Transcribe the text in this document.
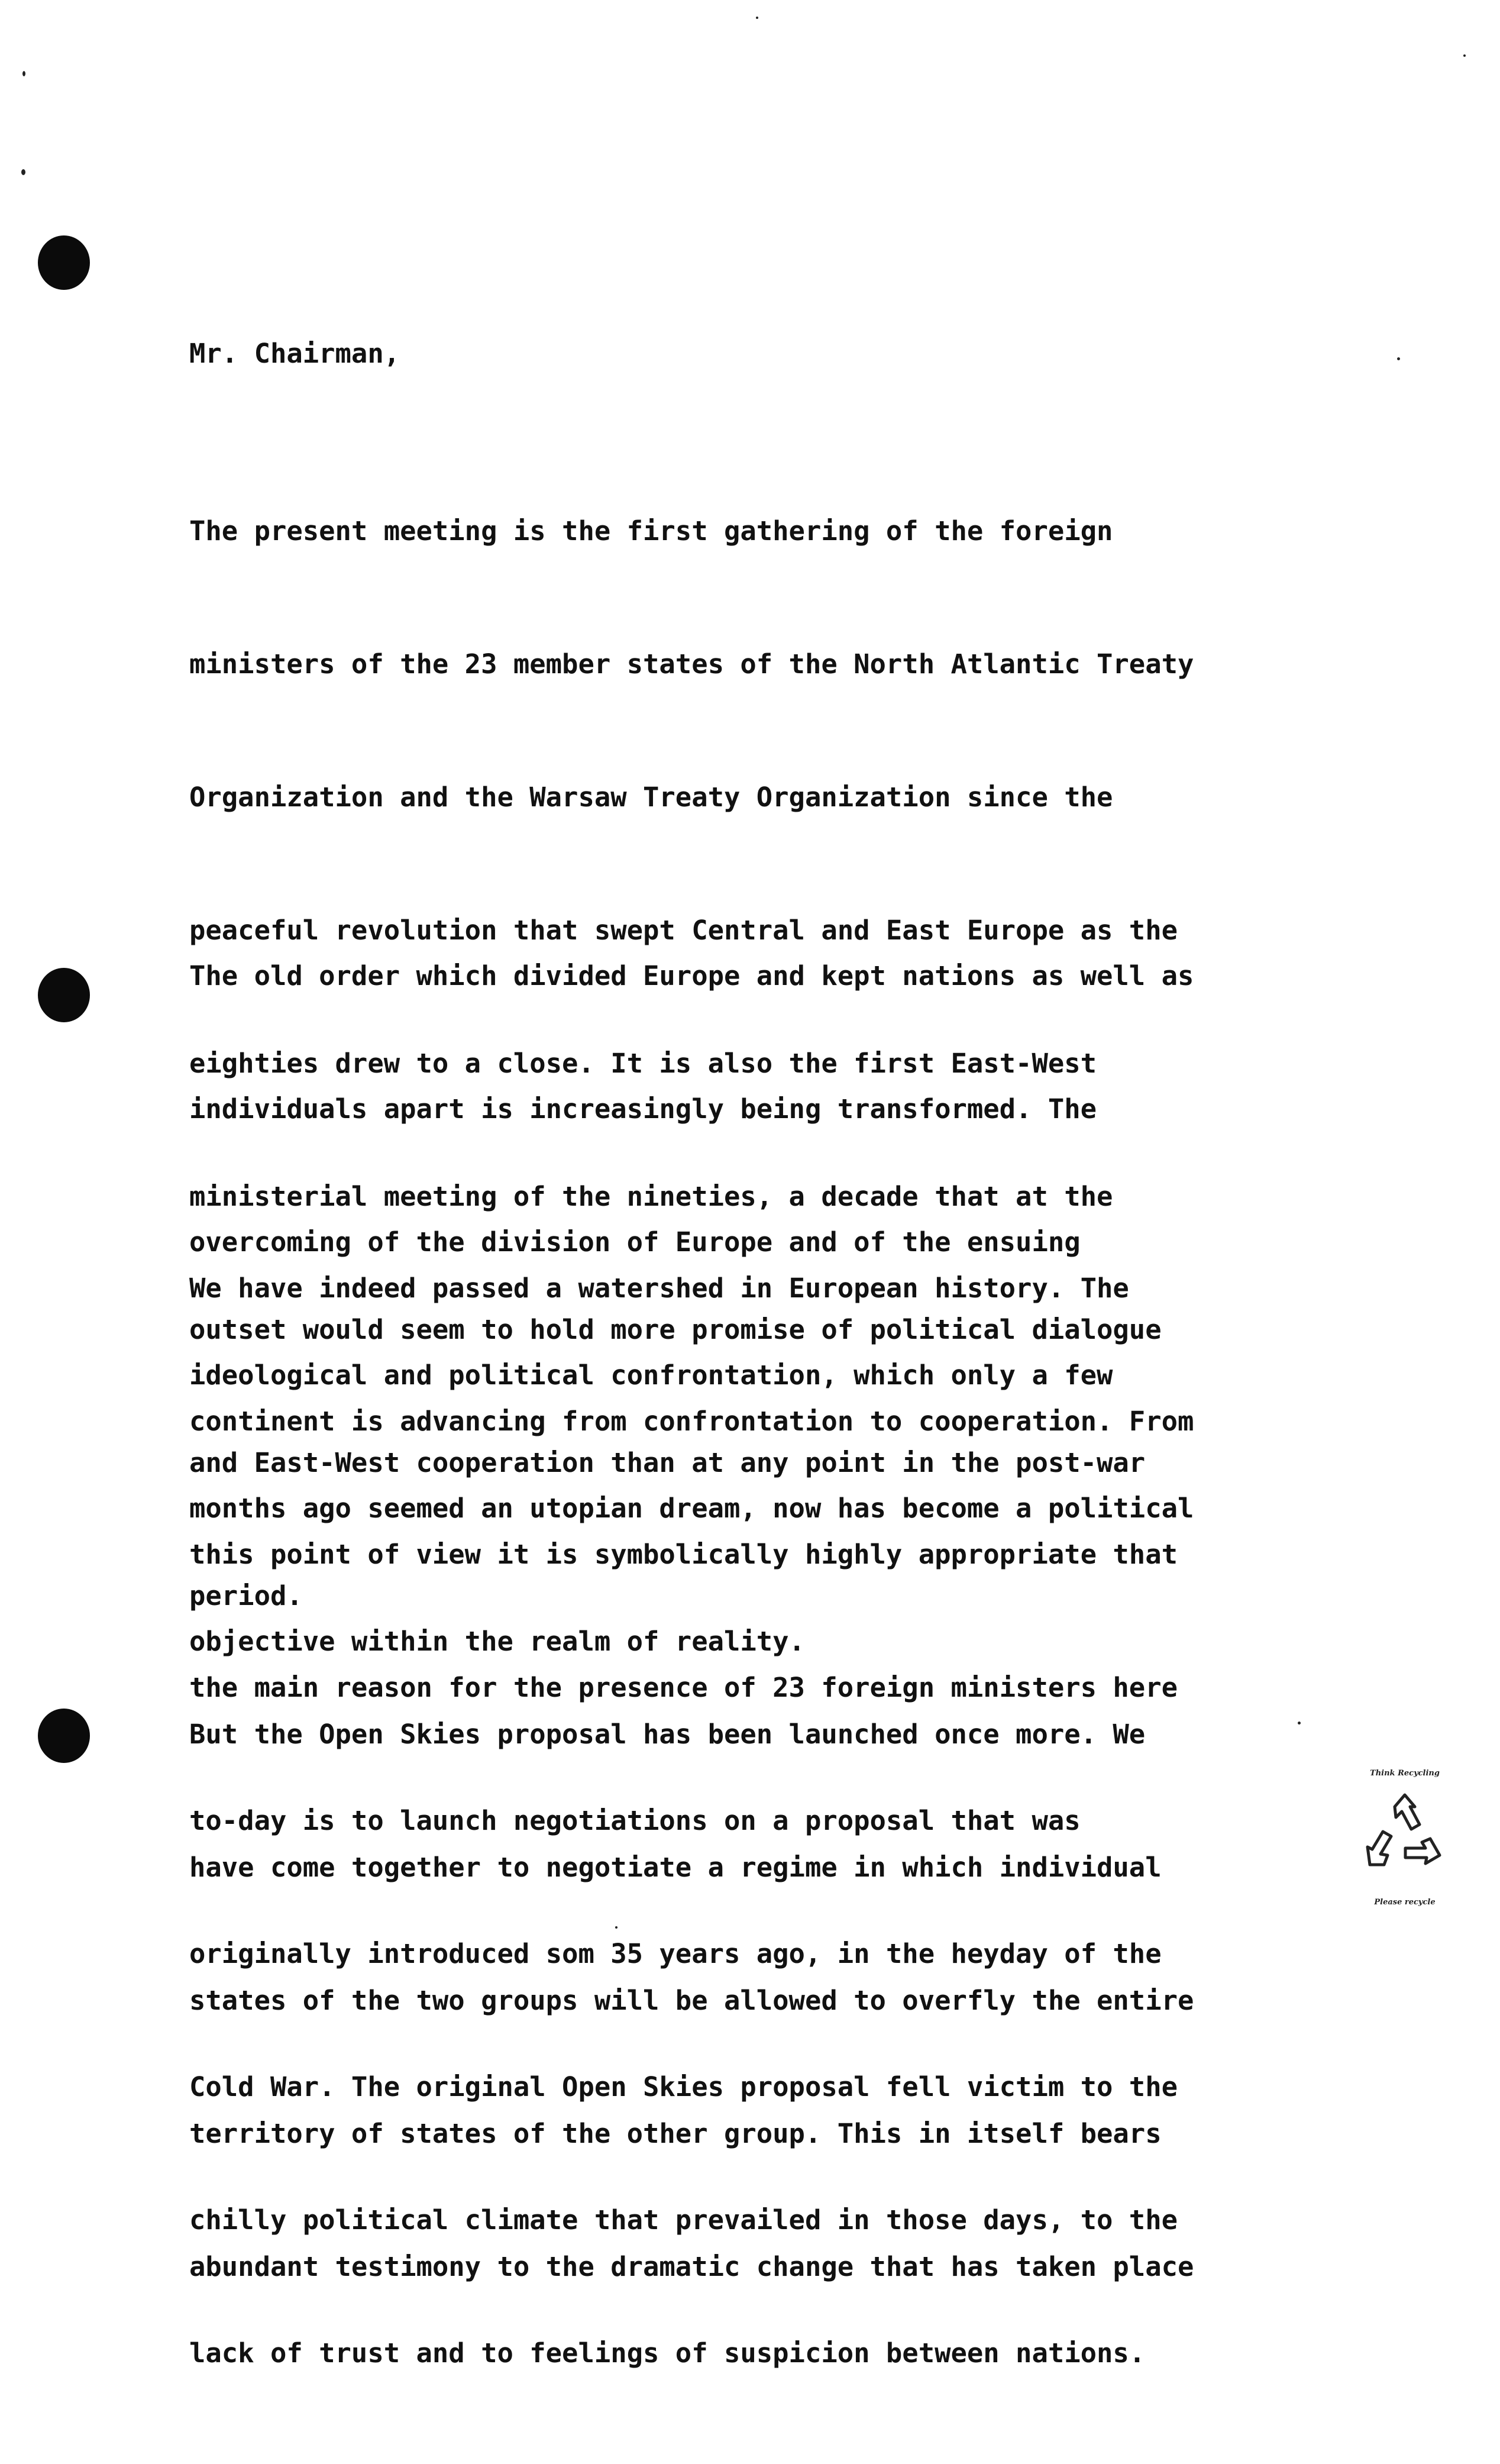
Mr. Chairman,

The present meeting is the first gathering of the foreign

ministers of the 23 member states of the North Atlantic Treaty

Organization and the Warsaw Treaty Organization since the

peaceful revolution that swept Central and East Europe as the

eighties drew to a close. It is also the first East-West

ministerial meeting of the nineties, a decade that at the

outset would seem to hold more promise of political dialogue

and East-West cooperation than at any point in the post-war

period.

The old order which divided Europe and kept nations as well as

individuals apart is increasingly being transformed. The

overcoming of the division of Europe and of the ensuing

ideological and political confrontation, which only a few

months ago seemed an utopian dream, now has become a political

objective within the realm of reality.

We have indeed passed a watershed in European history. The

continent is advancing from confrontation to cooperation. From

this point of view it is symbolically highly appropriate that

the main reason for the presence of 23 foreign ministers here

to-day is to launch negotiations on a proposal that was

originally introduced som 35 years ago, in the heyday of the

Cold War. The original Open Skies proposal fell victim to the

chilly political climate that prevailed in those days, to the

lack of trust and to feelings of suspicion between nations.

But the Open Skies proposal has been launched once more. We

have come together to negotiate a regime in which individual

states of the two groups will be allowed to overfly the entire

territory of states of the other group. This in itself bears

abundant testimony to the dramatic change that has taken place

Think Recycling
Please recycle
